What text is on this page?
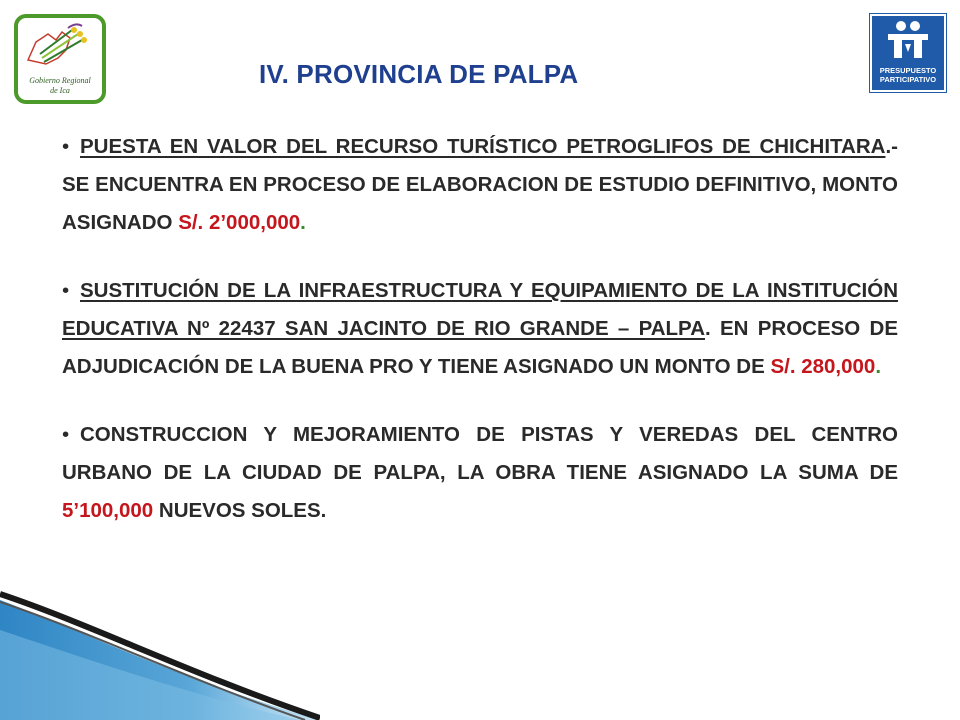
Gobierno Regional
de Ica
PRESUPUESTO
PARTICIPATIVO
IV. PROVINCIA DE PALPA

• PUESTA EN VALOR DEL RECURSO TURÍSTICO PETROGLIFOS DE CHICHITARA.- SE ENCUENTRA EN PROCESO DE ELABORACION DE ESTUDIO DEFINITIVO, MONTO ASIGNADO S/. 2’000,000.

• SUSTITUCIÓN DE LA INFRAESTRUCTURA Y EQUIPAMIENTO DE LA INSTITUCIÓN EDUCATIVA Nº 22437 SAN JACINTO DE RIO GRANDE – PALPA. EN PROCESO DE ADJUDICACIÓN DE LA BUENA PRO Y TIENE ASIGNADO UN MONTO DE S/. 280,000.

• CONSTRUCCION Y MEJORAMIENTO DE PISTAS Y VEREDAS DEL CENTRO URBANO DE LA CIUDAD DE PALPA, LA OBRA TIENE ASIGNADO LA SUMA DE 5’100,000 NUEVOS SOLES.
